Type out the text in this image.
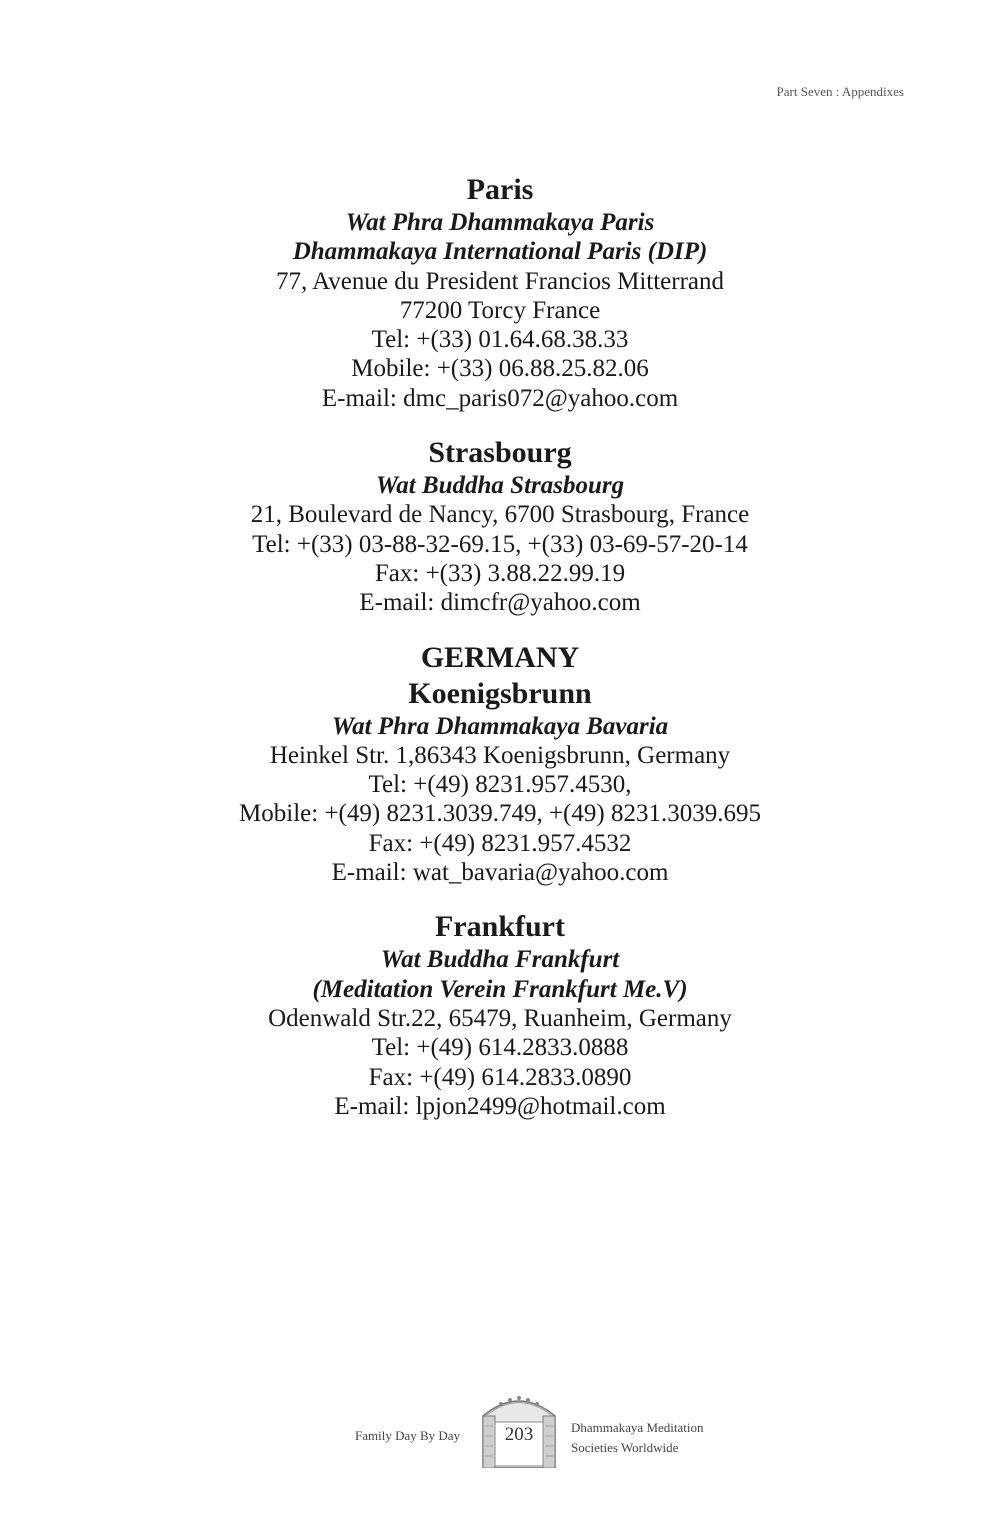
Part Seven : Appendixes
Paris
Wat Phra Dhammakaya Paris
Dhammakaya International Paris (DIP)
77, Avenue du President Francios Mitterrand
77200 Torcy France
Tel: +(33) 01.64.68.38.33
Mobile: +(33) 06.88.25.82.06
E-mail: dmc_paris072@yahoo.com
Strasbourg
Wat Buddha Strasbourg
21, Boulevard de Nancy, 6700 Strasbourg, France
Tel: +(33) 03-88-32-69.15, +(33) 03-69-57-20-14
Fax: +(33) 3.88.22.99.19
E-mail: dimcfr@yahoo.com
GERMANY
Koenigsbrunn
Wat Phra Dhammakaya Bavaria
Heinkel Str. 1,86343 Koenigsbrunn, Germany
Tel: +(49) 8231.957.4530,
Mobile: +(49) 8231.3039.749, +(49) 8231.3039.695
Fax: +(49) 8231.957.4532
E-mail: wat_bavaria@yahoo.com
Frankfurt
Wat Buddha Frankfurt
(Meditation Verein Frankfurt Me.V)
Odenwald Str.22, 65479, Ruanheim, Germany
Tel: +(49) 614.2833.0888
Fax: +(49) 614.2833.0890
E-mail: lpjon2499@hotmail.com
Family Day By Day	203	Dhammakaya Meditation
Societies Worldwide
